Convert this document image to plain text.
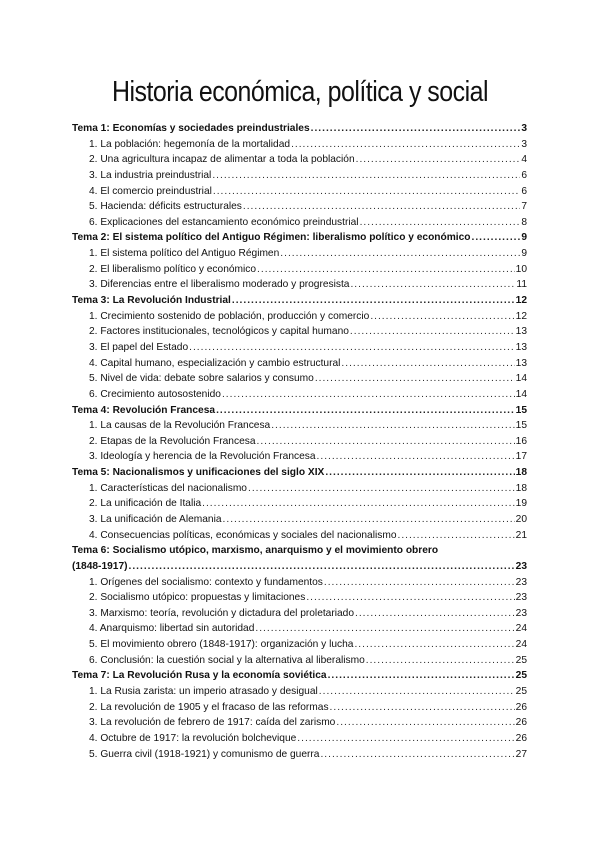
Historia económica, política y social
Tema 1: Economías y sociedades preindustriales .....	3
1. La población: hegemonía de la mortalidad .....	3
2. Una agricultura incapaz de alimentar a toda la población .....	4
3. La industria preindustrial .....	6
4. El comercio preindustrial .....	6
5. Hacienda: déficits estructurales .....	7
6. Explicaciones del estancamiento económico preindustrial .....	8
Tema 2: El sistema político del Antiguo Régimen: liberalismo político y económico .....	9
1. El sistema político del Antiguo Régimen .....	9
2. El liberalismo político y económico .....	10
3. Diferencias entre el liberalismo moderado y progresista .....	11
Tema 3: La Revolución Industrial .....	12
1. Crecimiento sostenido de población, producción y comercio .....	12
2. Factores institucionales, tecnológicos y capital humano .....	13
3. El papel del Estado .....	13
4. Capital humano, especialización y cambio estructural .....	13
5. Nivel de vida: debate sobre salarios y consumo .....	14
6. Crecimiento autosostenido .....	14
Tema 4: Revolución Francesa .....	15
1. La causas de la Revolución Francesa .....	15
2. Etapas de la Revolución Francesa .....	16
3. Ideología y herencia de la Revolución Francesa .....	17
Tema 5: Nacionalismos y unificaciones del siglo XIX .....	18
1. Características del nacionalismo .....	18
2. La unificación de Italia .....	19
3. La unificación de Alemania .....	20
4. Consecuencias políticas, económicas y sociales del nacionalismo .....	21
Tema 6: Socialismo utópico, marxismo, anarquismo y el movimiento obrero
(1848-1917) .....	23
1. Orígenes del socialismo: contexto y fundamentos .....	23
2. Socialismo utópico: propuestas y limitaciones .....	23
3. Marxismo: teoría, revolución y dictadura del proletariado .....	23
4. Anarquismo: libertad sin autoridad .....	24
5. El movimiento obrero (1848-1917): organización y lucha .....	24
6. Conclusión: la cuestión social y la alternativa al liberalismo .....	25
Tema 7: La Revolución Rusa y la economía soviética .....	25
1. La Rusia zarista: un imperio atrasado y desigual .....	25
2. La revolución de 1905 y el fracaso de las reformas .....	26
3. La revolución de febrero de 1917: caída del zarismo .....	26
4. Octubre de 1917: la revolución bolchevique .....	26
5. Guerra civil (1918-1921) y comunismo de guerra .....	27
